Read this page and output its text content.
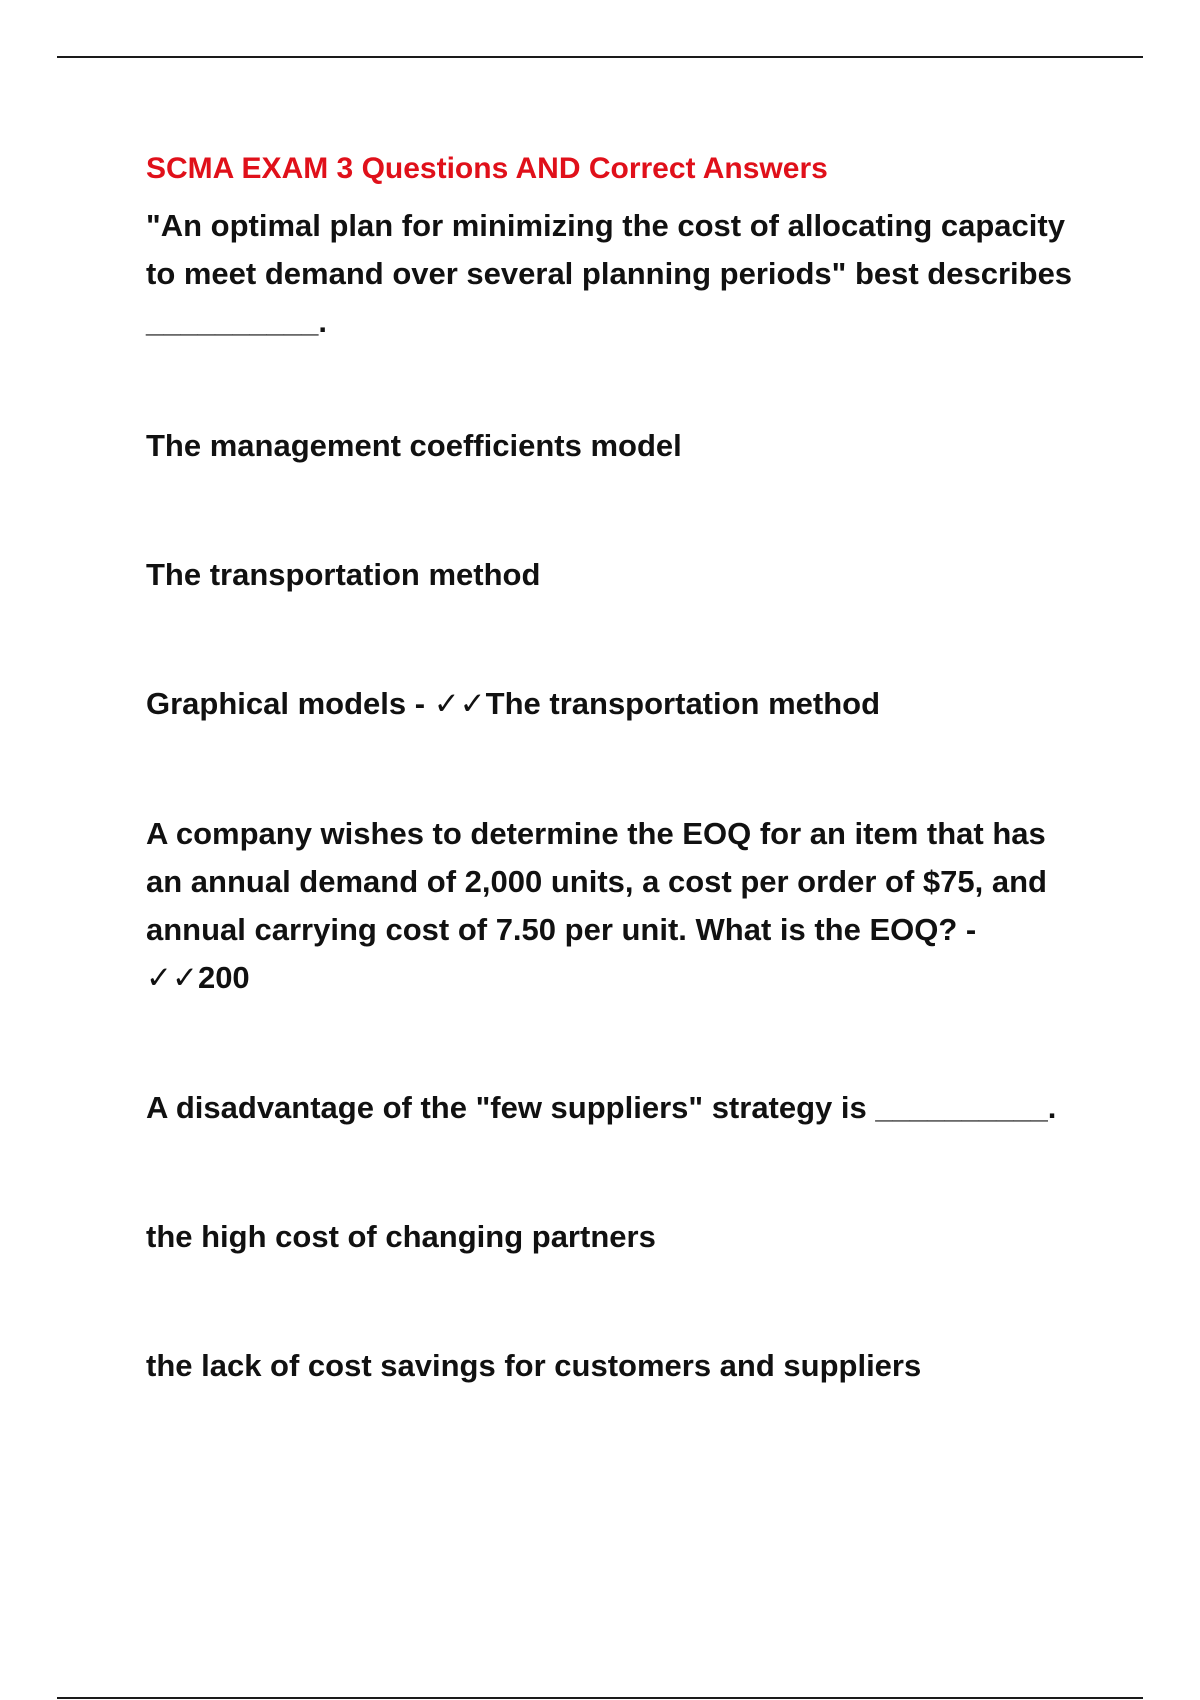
SCMA EXAM 3 Questions AND Correct Answers
"An optimal plan for minimizing the cost of allocating capacity
to meet demand over several planning periods" best describes
__________.
The management coefficients model
The transportation method
Graphical models - ✓✓The transportation method
A company wishes to determine the EOQ for an item that has
an annual demand of 2,000 units, a cost per order of $75, and
annual carrying cost of 7.50 per unit. What is the EOQ? -
✓✓200
A disadvantage of the "few suppliers" strategy is __________.
the high cost of changing partners
the lack of cost savings for customers and suppliers
